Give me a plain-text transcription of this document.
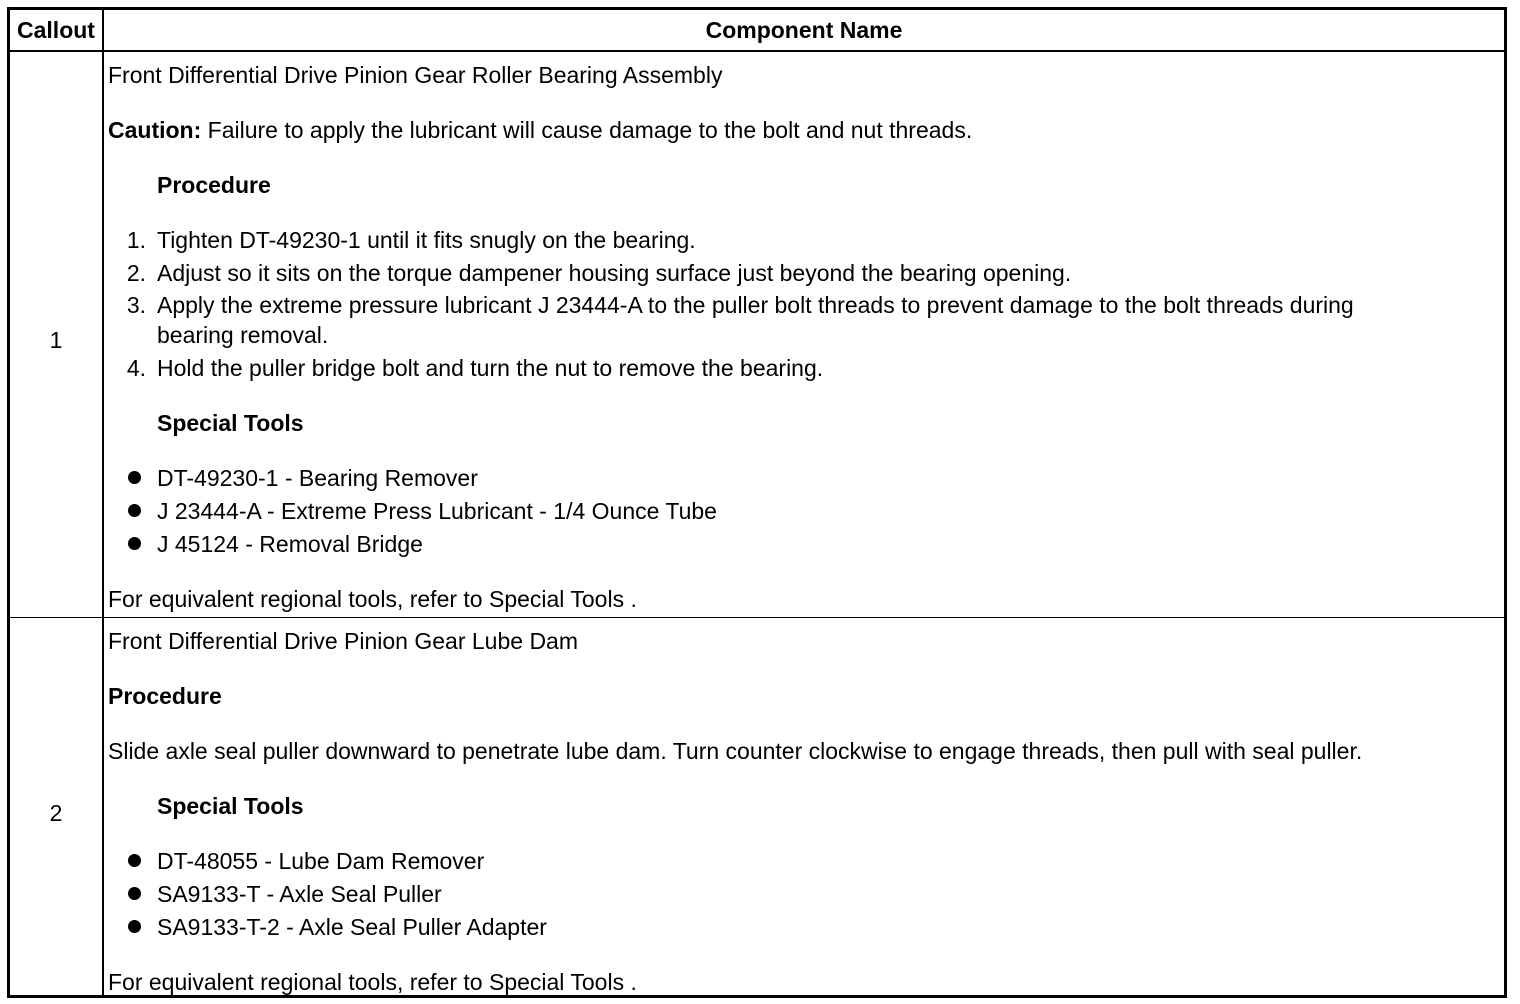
Callout	Component Name
1
Front Differential Drive Pinion Gear Roller Bearing Assembly
Caution: Failure to apply the lubricant will cause damage to the bolt and nut threads.
Procedure
1. Tighten DT-49230-1 until it fits snugly on the bearing.
2. Adjust so it sits on the torque dampener housing surface just beyond the bearing opening.
3. Apply the extreme pressure lubricant J 23444-A to the puller bolt threads to prevent damage to the bolt threads during
bearing removal.
4. Hold the puller bridge bolt and turn the nut to remove the bearing.
Special Tools
DT-49230-1 - Bearing Remover
J 23444-A - Extreme Press Lubricant - 1/4 Ounce Tube
J 45124 - Removal Bridge
For equivalent regional tools, refer to Special Tools .
2
Front Differential Drive Pinion Gear Lube Dam
Procedure
Slide axle seal puller downward to penetrate lube dam. Turn counter clockwise to engage threads, then pull with seal puller.
Special Tools
DT-48055 - Lube Dam Remover
SA9133-T - Axle Seal Puller
SA9133-T-2 - Axle Seal Puller Adapter
For equivalent regional tools, refer to Special Tools .
